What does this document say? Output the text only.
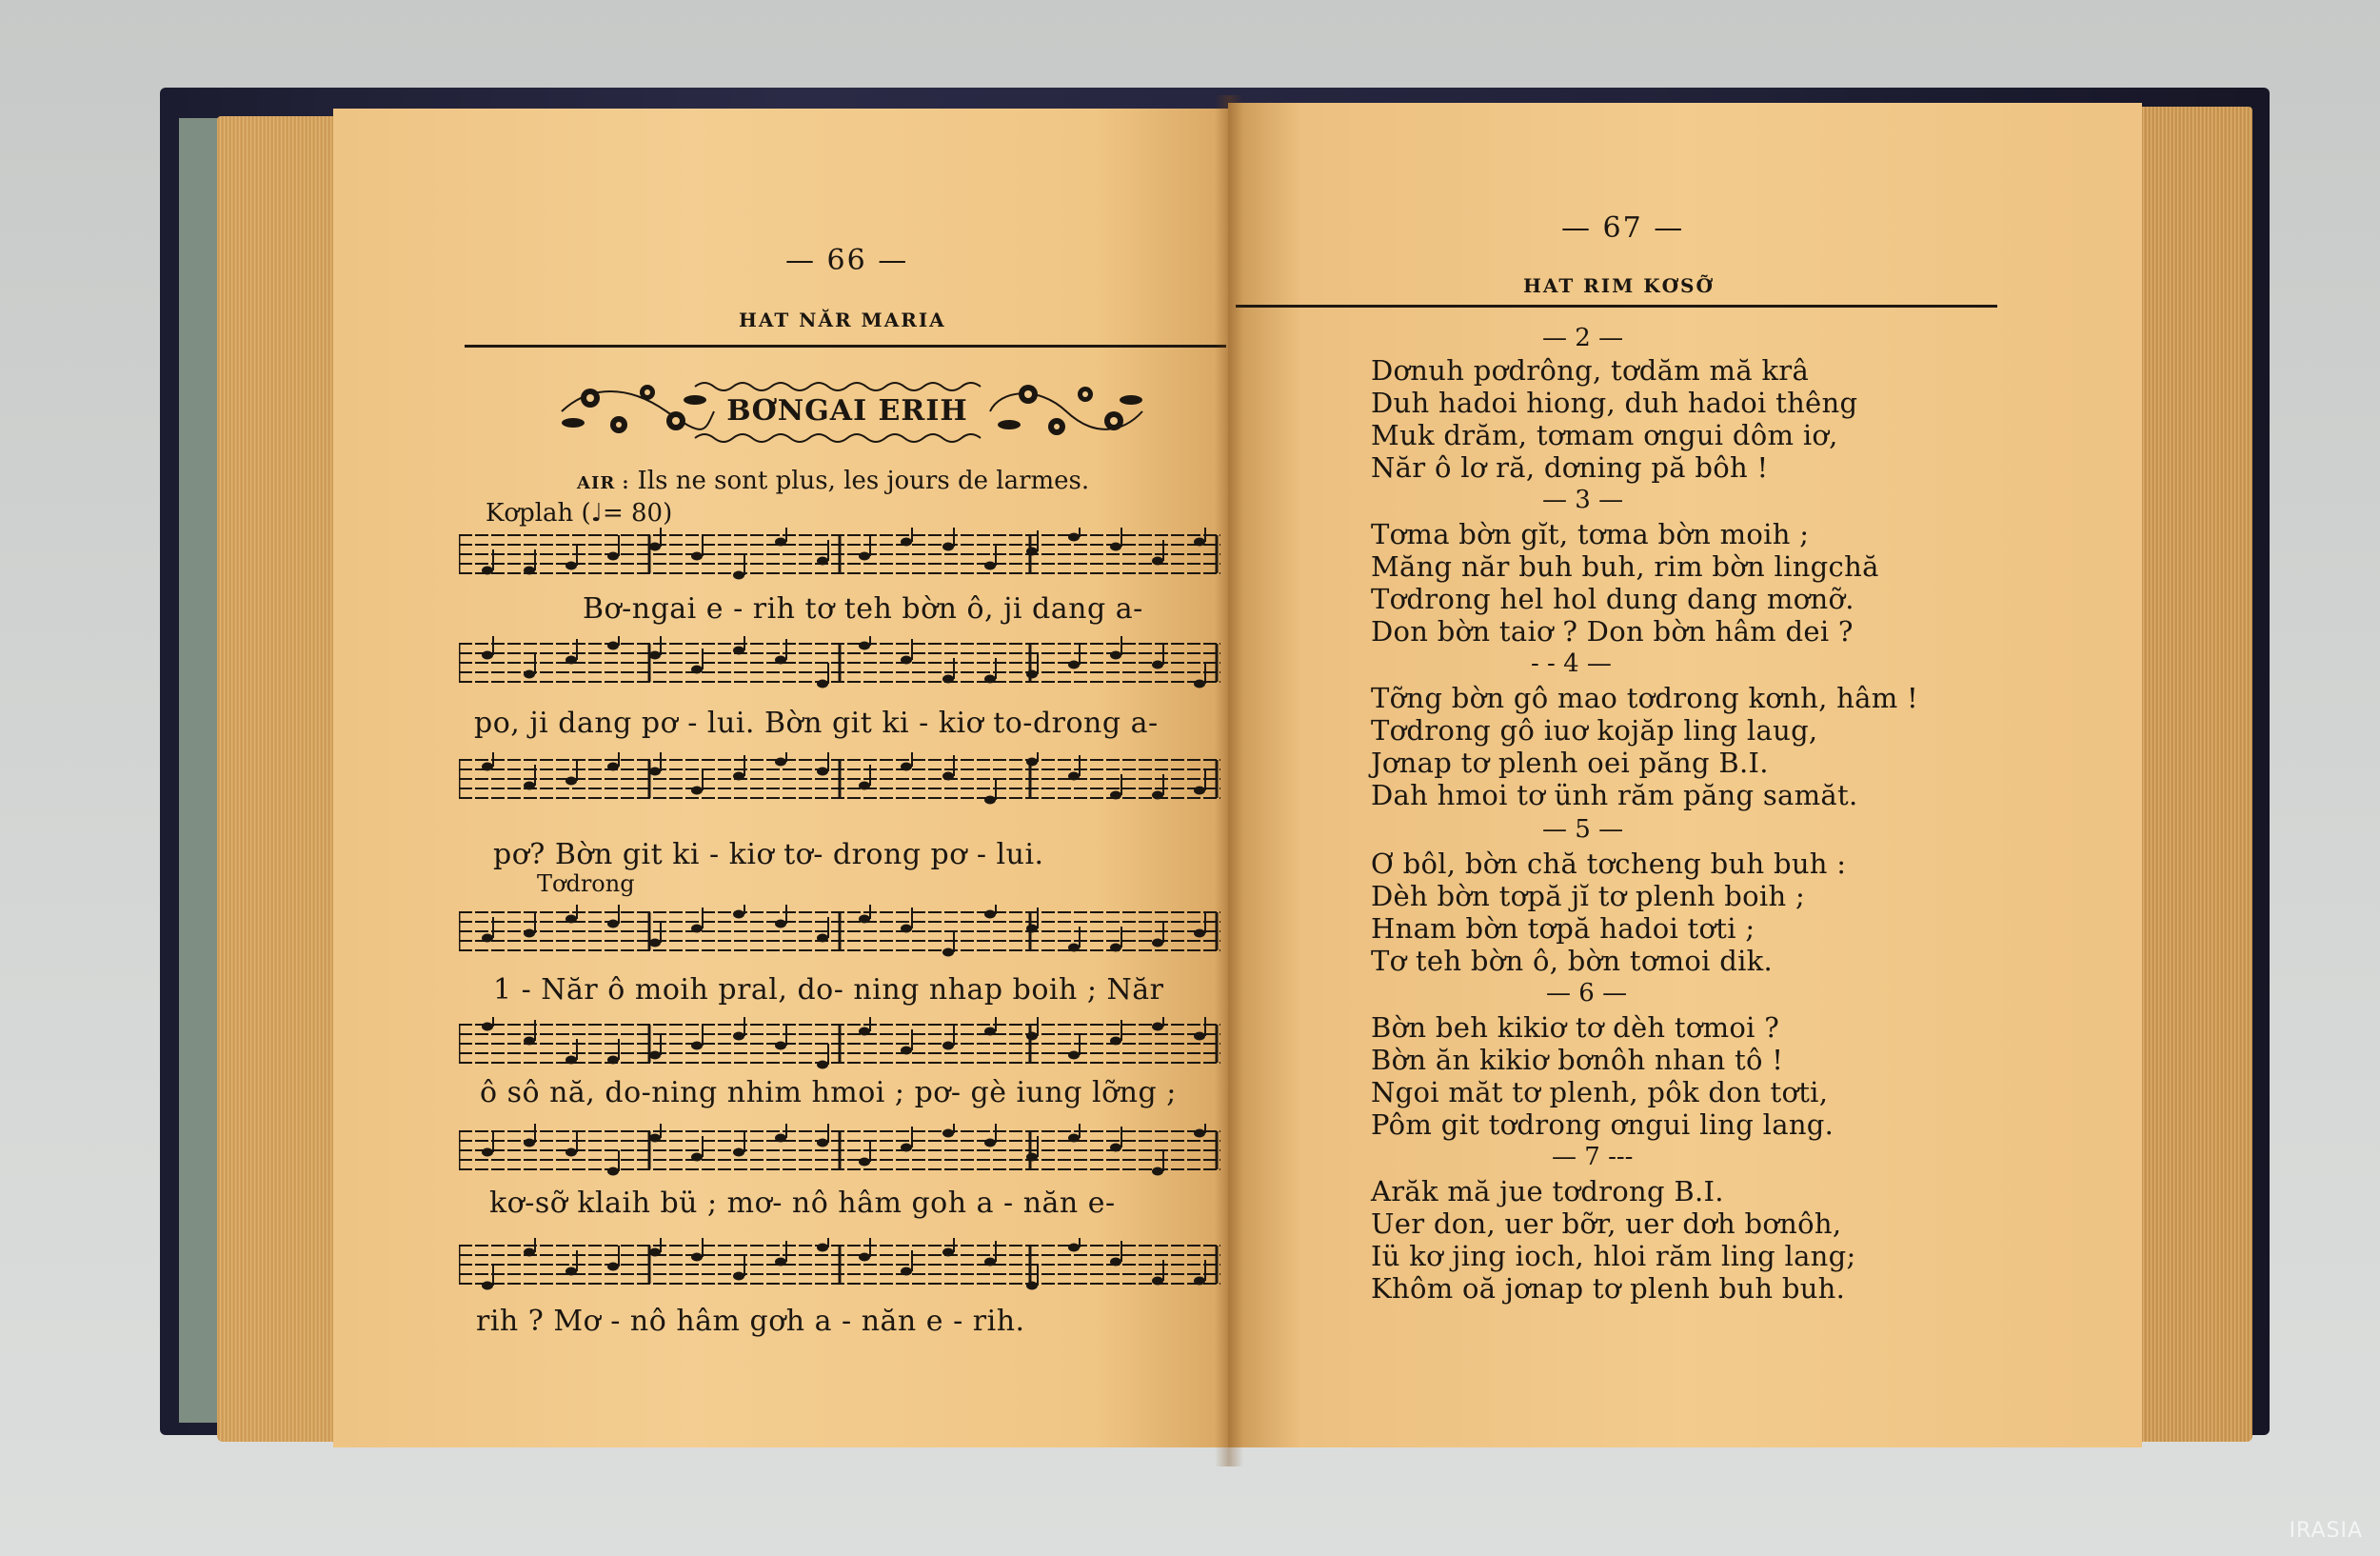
— 66 —
HAT NĂR MARIA
BƠNGAI ERIH
AIR : Ils ne sont plus, les jours de larmes.
Kơplah (♩= 80)
Bơ-ngai e - rih tơ teh bờn ô, ji dang a-
po, ji dang pơ - lui. Bờn git ki - kiơ to-drong a-
pơ? Bờn git ki - kiơ tơ- drong pơ - lui.
Tơdrong
1 - Năr ô moih pral, do- ning nhap boih ; Năr
ô sô nă, do-ning nhim hmoi ; pơ- gè iung lỡng ;
kơ-sỡ klaih bü ; mơ- nô hâm goh a - năn e-
rih ? Mơ - nô hâm gơh a - năn e - rih.
— 67 —
HAT RIM KƠSỠ
— 2 —
Dơnuh pơdrông, tơdăm mă krâ
Duh hadoi hiong, duh hadoi thêng
Muk drăm, tơmam ơngui dôm iơ,
Năr ô lơ ră, dơning pă bôh !
— 3 —
Tơma bờn gĭt, tơma bờn moih ;
Măng năr buh buh, rim bờn lingchă
Tơdrong hel hol dung dang mơnỡ.
Don bờn taiơ ? Don bờn hâm dei ?
- - 4 —
Tỡng bờn gô mao tơdrong kơnh, hâm !
Tơdrong gô iuơ kojăp ling laug,
Jơnap tơ plenh oei păng B.I.
Dah hmoi tơ ünh răm păng samăt.
— 5 —
Ơ bôl, bờn chă tơcheng buh buh :
Dèh bờn tơpă jĭ tơ plenh boih ;
Hnam bờn tơpă hadoi tơti ;
Tơ teh bờn ô, bờn tơmoi dik.
— 6 —
Bờn beh kikiơ tơ dèh tơmoi ?
Bờn ăn kikiơ bơnôh nhan tô !
Ngoi măt tơ plenh, pôk don tơti,
Pôm git tơdrong ơngui ling lang.
— 7 ---
Arăk mă jue tơdrong B.I.
Uer don, uer bỡr, uer dơh bơnôh,
Iü kơ jing ioch, hloi răm ling lang;
Khôm oă jơnap tơ plenh buh buh.
IRASIA
